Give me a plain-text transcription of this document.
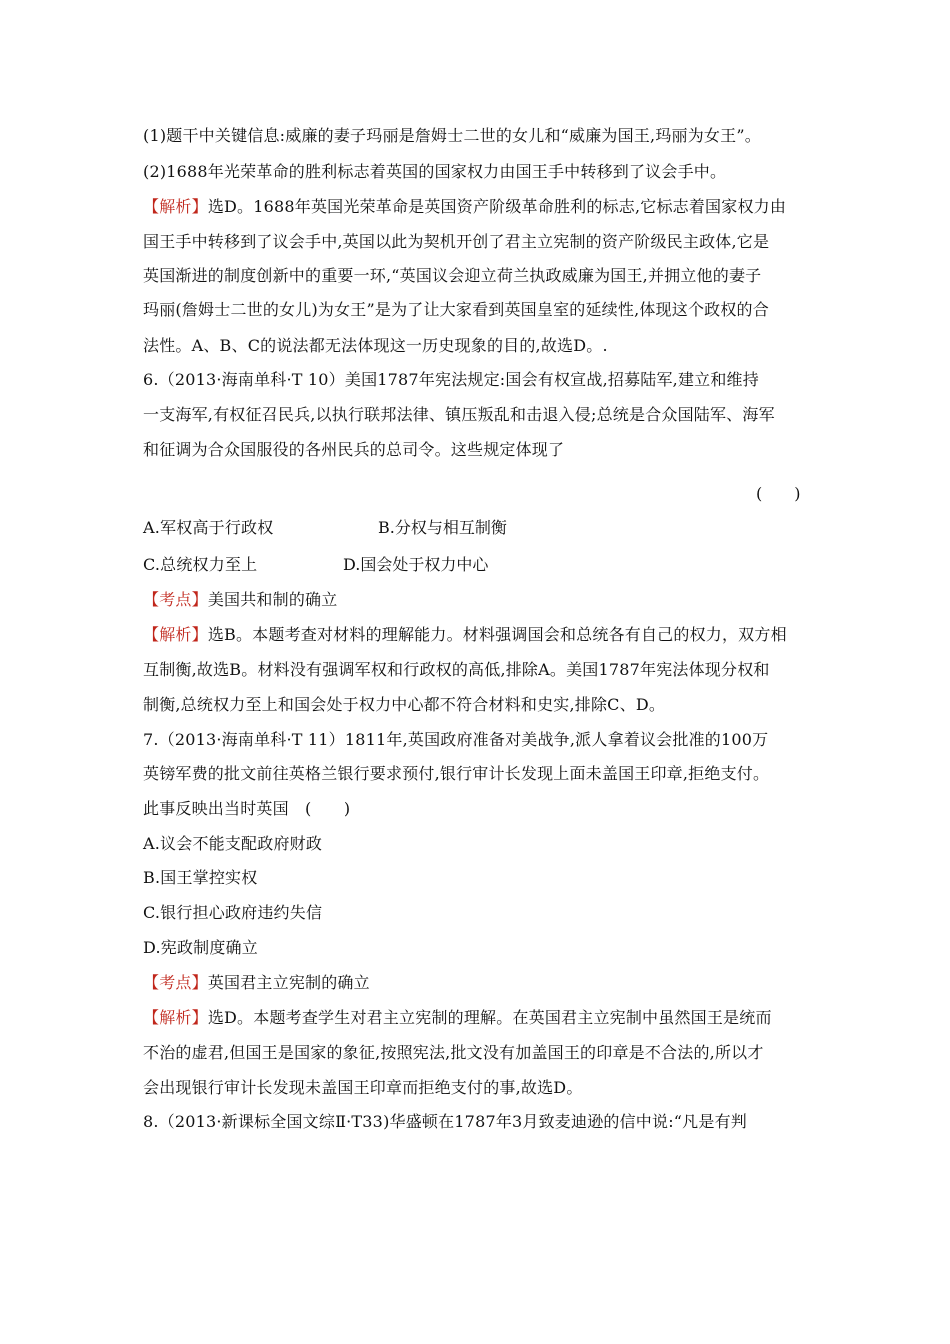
(1)题干中关键信息:威廉的妻子玛丽是詹姆士二世的女儿和“威廉为国王,玛丽为女王”。
(2)1688年光荣革命的胜利标志着英国的国家权力由国王手中转移到了议会手中。
【解析】选D。1688年英国光荣革命是英国资产阶级革命胜利的标志,它标志着国家权力由
国王手中转移到了议会手中,英国以此为契机开创了君主立宪制的资产阶级民主政体,它是
英国渐进的制度创新中的重要一环,“英国议会迎立荷兰执政威廉为国王,并拥立他的妻子
玛丽(詹姆士二世的女儿)为女王”是为了让大家看到英国皇室的延续性,体现这个政权的合
法性。A、B、C的说法都无法体现这一历史现象的目的,故选D。.
6.（2013·海南单科·T 10）美国1787年宪法规定:国会有权宣战,招募陆军,建立和维持
一支海军,有权征召民兵,以执行联邦法律、镇压叛乱和击退入侵;总统是合众国陆军、海军
和征调为合众国服役的各州民兵的总司令。这些规定体现了
(　　)
A.军权高于行政权	B.分权与相互制衡
C.总统权力至上	D.国会处于权力中心
【考点】美国共和制的确立
【解析】选B。本题考查对材料的理解能力。材料强调国会和总统各有自己的权力，双方相
互制衡,故选B。材料没有强调军权和行政权的高低,排除A。美国1787年宪法体现分权和
制衡,总统权力至上和国会处于权力中心都不符合材料和史实,排除C、D。
7.（2013·海南单科·T 11）1811年,英国政府准备对美战争,派人拿着议会批准的100万
英镑军费的批文前往英格兰银行要求预付,银行审计长发现上面未盖国王印章,拒绝支付。
此事反映出当时英国　(　　)
A.议会不能支配政府财政
B.国王掌控实权
C.银行担心政府违约失信
D.宪政制度确立
【考点】英国君主立宪制的确立
【解析】选D。本题考查学生对君主立宪制的理解。在英国君主立宪制中虽然国王是统而
不治的虚君,但国王是国家的象征,按照宪法,批文没有加盖国王的印章是不合法的,所以才
会出现银行审计长发现未盖国王印章而拒绝支付的事,故选D。
8.（2013·新课标全国文综Ⅱ·T33)华盛顿在1787年3月致麦迪逊的信中说:“凡是有判
